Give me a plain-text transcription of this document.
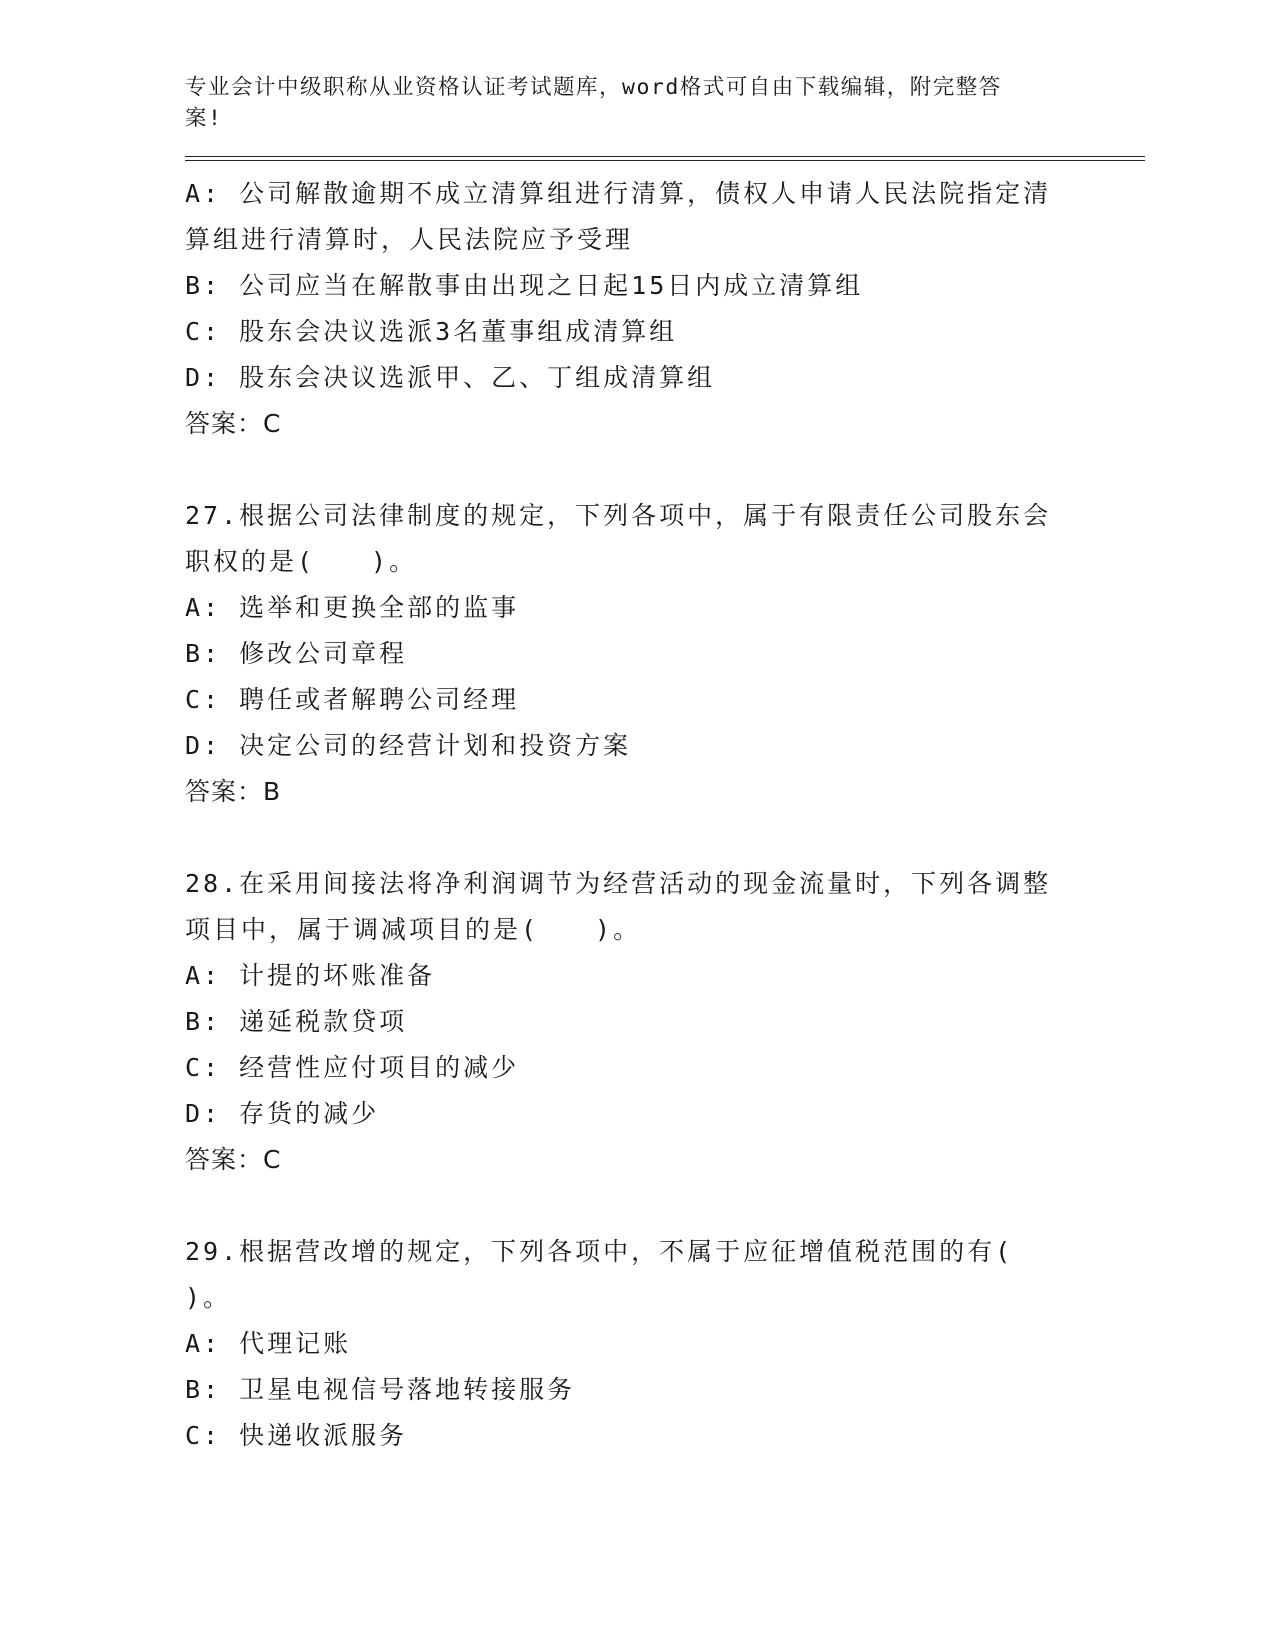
专业会计中级职称从业资格认证考试题库，word格式可自由下载编辑，附完整答
案!
A: 公司解散逾期不成立清算组进行清算，债权人申请人民法院指定清
算组进行清算时，人民法院应予受理
B: 公司应当在解散事由出现之日起15日内成立清算组
C: 股东会决议选派3名董事组成清算组
D: 股东会决议选派甲、乙、丁组成清算组
答案：C
27.根据公司法律制度的规定，下列各项中，属于有限责任公司股东会
职权的是(　　)。
A: 选举和更换全部的监事
B: 修改公司章程
C: 聘任或者解聘公司经理
D: 决定公司的经营计划和投资方案
答案：B
28.在采用间接法将净利润调节为经营活动的现金流量时，下列各调整
项目中，属于调减项目的是(　　)。
A: 计提的坏账准备
B: 递延税款贷项
C: 经营性应付项目的减少
D: 存货的减少
答案：C
29.根据营改增的规定，下列各项中，不属于应征增值税范围的有(
)。
A: 代理记账
B: 卫星电视信号落地转接服务
C: 快递收派服务
